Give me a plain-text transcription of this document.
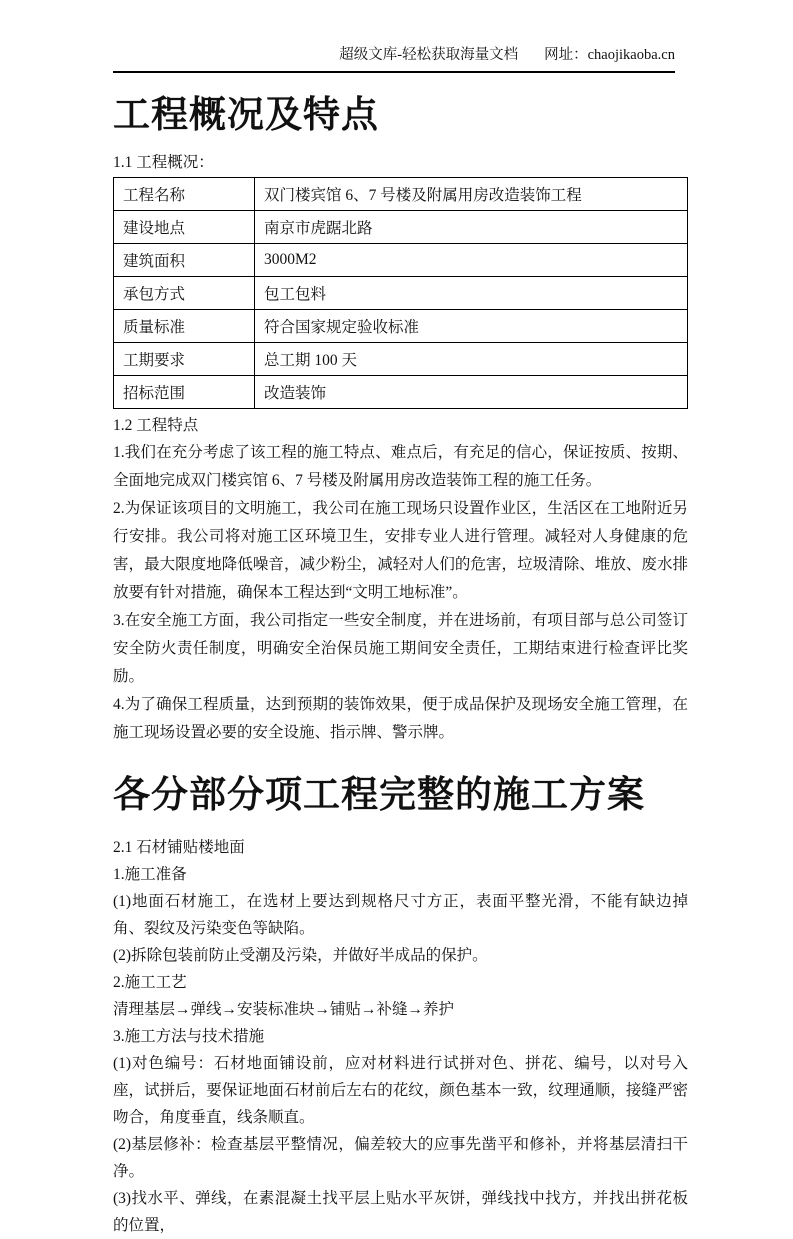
超级文库-轻松获取海量文档 网址：chaojikaoba.cn
工程概况及特点
1.1 工程概况：
工程名称	双门楼宾馆 6、7 号楼及附属用房改造装饰工程
建设地点	南京市虎踞北路
建筑面积	3000M2
承包方式	包工包料
质量标准	符合国家规定验收标准
工期要求	总工期 100 天
招标范围	改造装饰
1.2 工程特点
1.我们在充分考虑了该工程的施工特点、难点后，有充足的信心，保证按质、按期、全面地完成双门楼宾馆 6、7 号楼及附属用房改造装饰工程的施工任务。
2.为保证该项目的文明施工，我公司在施工现场只设置作业区，生活区在工地附近另行安排。我公司将对施工区环境卫生，安排专业人进行管理。减轻对人身健康的危害，最大限度地降低噪音，减少粉尘，减轻对人们的危害，垃圾清除、堆放、废水排放要有针对措施，确保本工程达到“文明工地标准”。
3.在安全施工方面，我公司指定一些安全制度，并在进场前，有项目部与总公司签订安全防火责任制度，明确安全治保员施工期间安全责任，工期结束进行检查评比奖励。
4.为了确保工程质量，达到预期的装饰效果，便于成品保护及现场安全施工管理，在施工现场设置必要的安全设施、指示牌、警示牌。
各分部分项工程完整的施工方案
2.1 石材铺贴楼地面
1.施工准备
(1)地面石材施工，在选材上要达到规格尺寸方正，表面平整光滑，不能有缺边掉角、裂纹及污染变色等缺陷。
(2)拆除包装前防止受潮及污染，并做好半成品的保护。
2.施工工艺
清理基层→弹线→安装标准块→铺贴→补缝→养护
3.施工方法与技术措施
(1)对色编号：石材地面铺设前，应对材料进行试拼对色、拼花、编号，以对号入座，试拼后，要保证地面石材前后左右的花纹，颜色基本一致，纹理通顺，接缝严密吻合，角度垂直，线条顺直。
(2)基层修补：检查基层平整情况，偏差较大的应事先凿平和修补，并将基层清扫干净。
(3)找水平、弹线，在素混凝土找平层上贴水平灰饼，弹线找中找方，并找出拼花板的位置，
